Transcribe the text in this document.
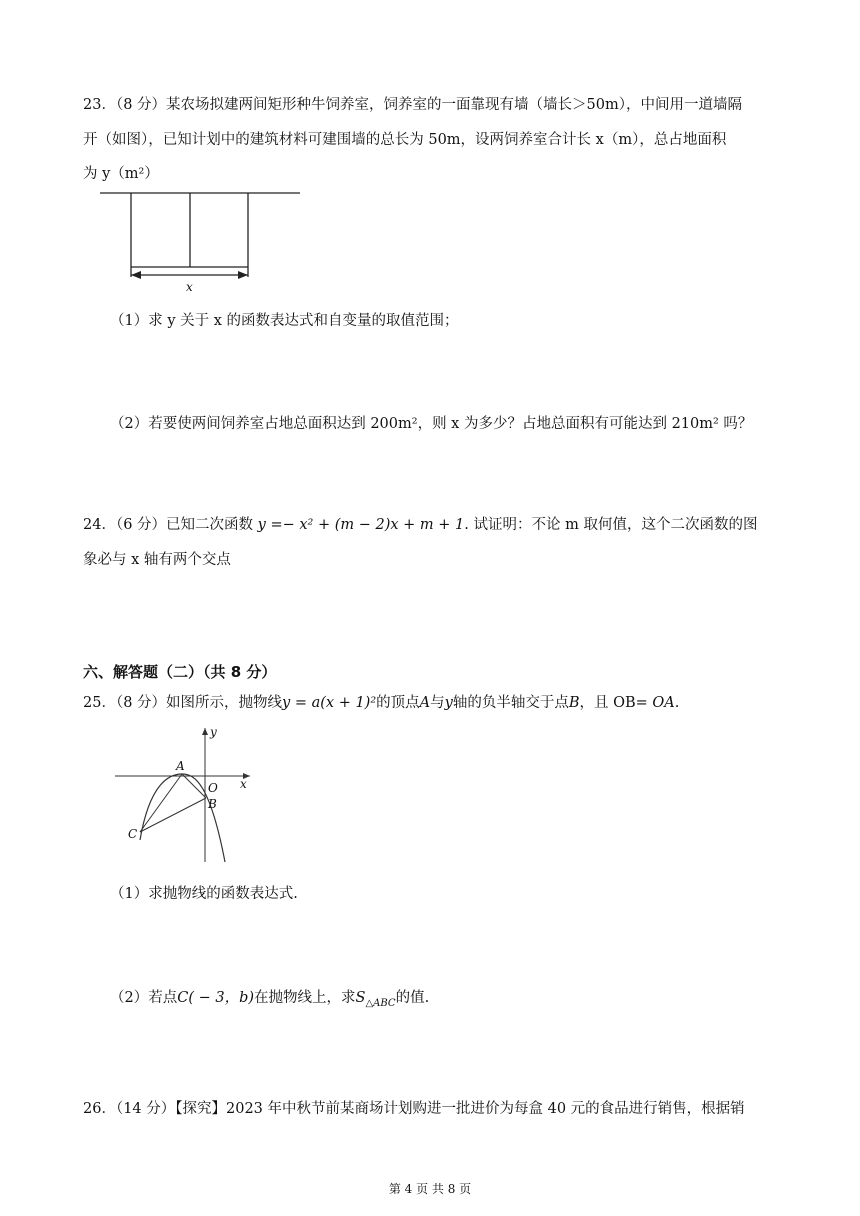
23．（8 分）某农场拟建两间矩形种牛饲养室，饲养室的一面靠现有墙（墙长＞50m），中间用一道墙隔
开（如图），已知计划中的建筑材料可建围墙的总长为 50m，设两饲养室合计长 x（m），总占地面积
为 y（m²）
x
（1）求 y 关于 x 的函数表达式和自变量的取值范围；
（2）若要使两间饲养室占地总面积达到 200m²，则 x 为多少？占地总面积有可能达到 210m² 吗？
24．（6 分）已知二次函数 y =− x² + (m − 2)x + m + 1. 试证明：不论 m 取何值，这个二次函数的图
象必与 x 轴有两个交点
六、解答题（二）（共 8 分）
25．（8 分）如图所示，抛物线y = a(x + 1)²的顶点A与y轴的负半轴交于点B，且 OB= OA.
y
x
A
O
B
C
（1）求抛物线的函数表达式.
（2）若点C( − 3，b)在抛物线上，求$S_{\triangle ABC}$的值.
26．（14 分）【探究】2023 年中秋节前某商场计划购进一批进价为每盒 40 元的食品进行销售，根据销
第 4 页 共 8 页
